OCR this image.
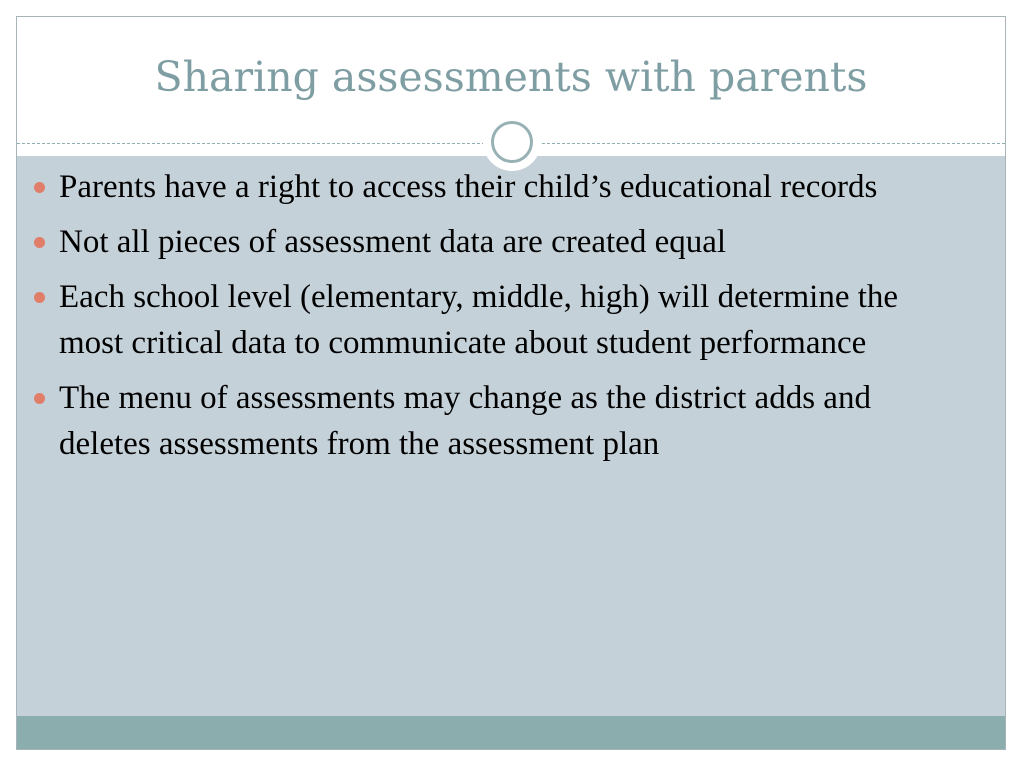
Sharing assessments with parents
Parents have a right to access their child’s educational records
Not all pieces of assessment data are created equal
Each school level (elementary, middle, high) will determine the most critical data to communicate about student performance
The menu of assessments may change as the district adds and deletes assessments from the assessment plan
